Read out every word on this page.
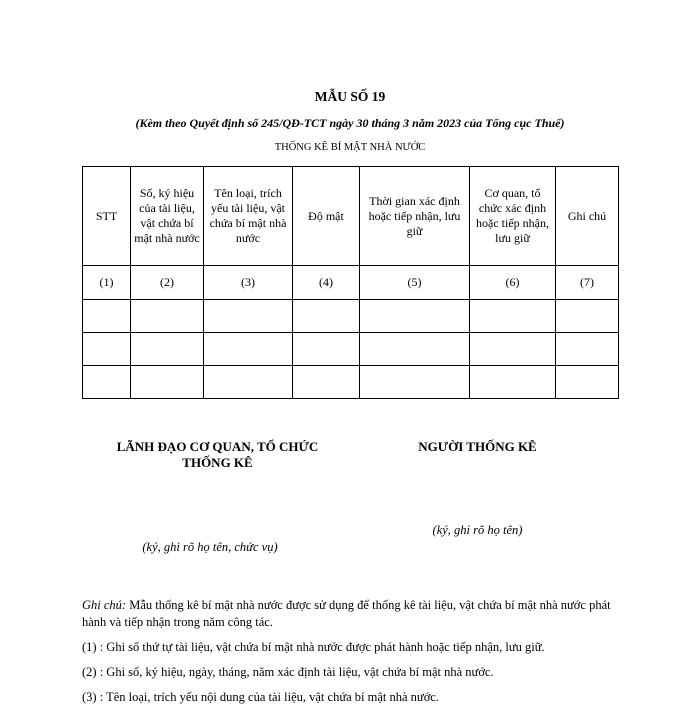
MẪU SỐ 19
(Kèm theo Quyết định số 245/QĐ-TCT ngày 30 tháng 3 năm 2023 của Tổng cục Thuế)
THỐNG KÊ BÍ MẬT NHÀ NƯỚC
STT	Số, ký hiệu của tài liệu, vật chứa bí mật nhà nước	Tên loại, trích yếu tài liệu, vật chứa bí mật nhà nước	Độ mật	Thời gian xác định hoặc tiếp nhận, lưu giữ	Cơ quan, tổ chức xác định hoặc tiếp nhận, lưu giữ	Ghi chú
(1)	(2)	(3)	(4)	(5)	(6)	(7)

LÃNH ĐẠO CƠ QUAN, TỔ CHỨC THỐNG KÊ
NGƯỜI THỐNG KÊ
(ký, ghi rõ họ tên)
(ký, ghi rõ họ tên, chức vụ)

Ghi chú: Mẫu thống kê bí mật nhà nước được sử dụng để thống kê tài liệu, vật chứa bí mật nhà nước phát hành và tiếp nhận trong năm công tác.

(1) : Ghi số thứ tự tài liệu, vật chứa bí mật nhà nước được phát hành hoặc tiếp nhận, lưu giữ.

(2) : Ghi số, ký hiệu, ngày, tháng, năm xác định tài liệu, vật chứa bí mật nhà nước.

(3) : Tên loại, trích yếu nội dung của tài liệu, vật chứa bí mật nhà nước.
